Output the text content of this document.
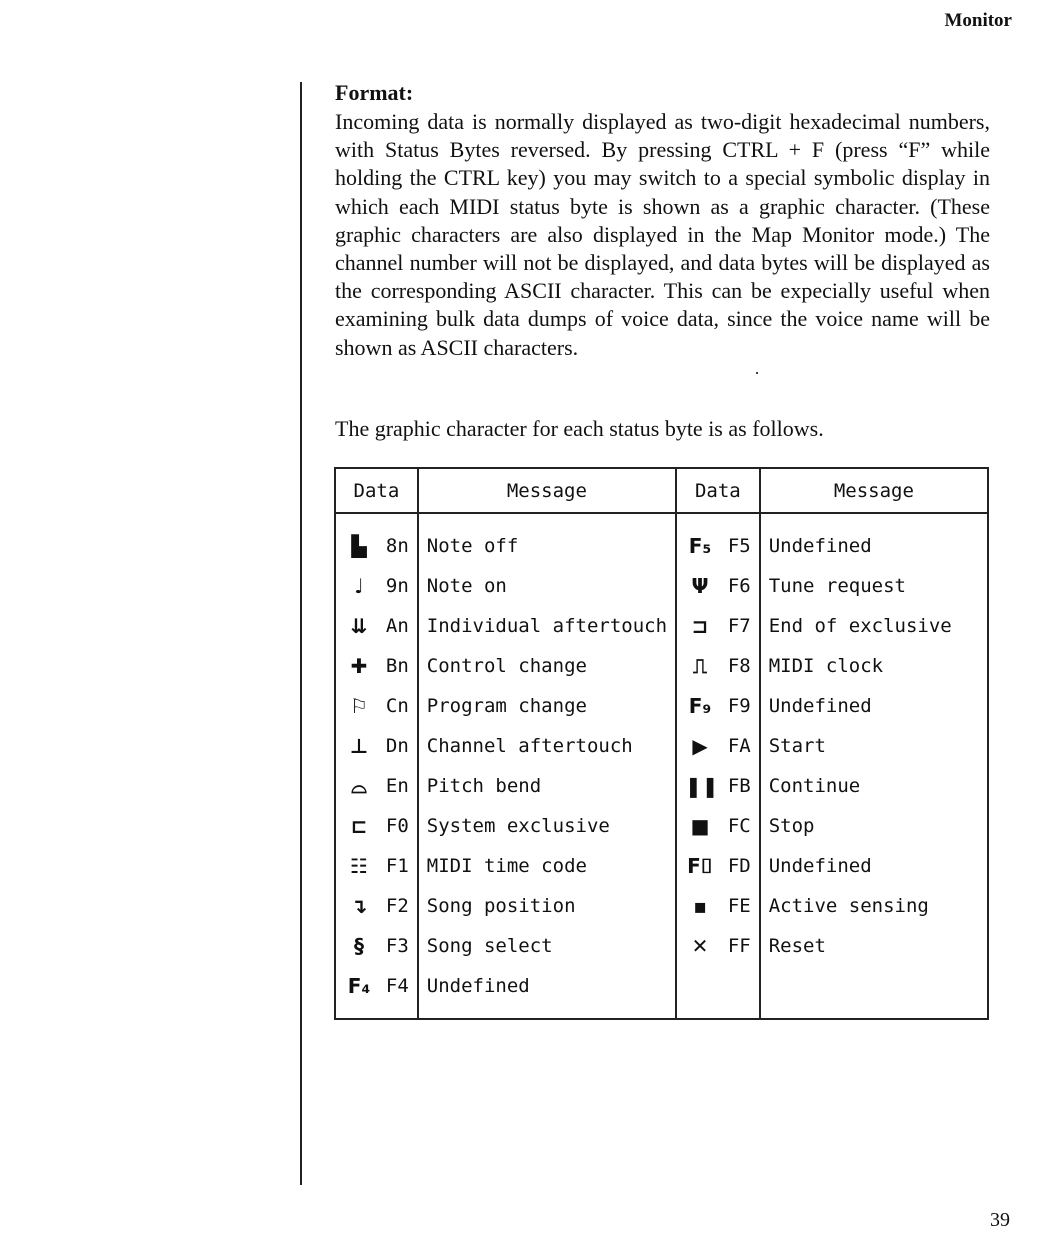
Monitor
Format:
Incoming data is normally displayed as two-digit hexadecimal numbers, with Status Bytes reversed. By pressing CTRL + F (press “F” while holding the CTRL key) you may switch to a special symbolic display in which each MIDI status byte is shown as a graphic character. (These graphic characters are also displayed in the Map Monitor mode.) The channel number will not be displayed, and data bytes will be displayed as the corresponding ASCII character. This can be expecially useful when examining bulk data dumps of voice data, since the voice name will be shown as ASCII characters.
The graphic character for each status byte is as follows.
Data	Message	Data	Message

▙ 8n	Note off	F₅ F5	Undefined

♩ 9n	Note on	Ψ F6	Tune request

⇊ An	Individual aftertouch	⊐ F7	End of exclusive

✚ Bn	Control change	⎍ F8	MIDI clock

⚐ Cn	Program change	F₉ F9	Undefined

⊥ Dn	Channel aftertouch	▶ FA	Start

⌓ En	Pitch bend	❚❚ FB	Continue

⊏ F0	System exclusive	■ FC	Stop

☷ F1	MIDI time code	F⌷ FD	Undefined

↴ F2	Song position	▪ FE	Active sensing

§ F3	Song select	✕ FF	Reset

F₄ F4	Undefined		
39
